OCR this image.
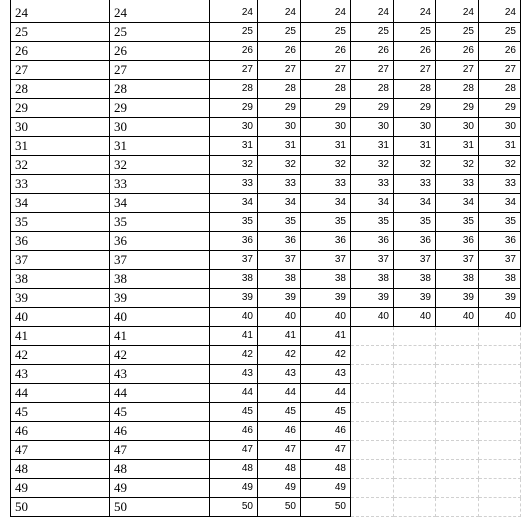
24	24	24	24	24	24	24	24	24
25	25	25	25	25	25	25	25	25
26	26	26	26	26	26	26	26	26
27	27	27	27	27	27	27	27	27
28	28	28	28	28	28	28	28	28
29	29	29	29	29	29	29	29	29
30	30	30	30	30	30	30	30	30
31	31	31	31	31	31	31	31	31
32	32	32	32	32	32	32	32	32
33	33	33	33	33	33	33	33	33
34	34	34	34	34	34	34	34	34
35	35	35	35	35	35	35	35	35
36	36	36	36	36	36	36	36	36
37	37	37	37	37	37	37	37	37
38	38	38	38	38	38	38	38	38
39	39	39	39	39	39	39	39	39
40	40	40	40	40	40	40	40	40
41	41	41	41	41
42	42	42	42	42
43	43	43	43	43
44	44	44	44	44
45	45	45	45	45
46	46	46	46	46
47	47	47	47	47
48	48	48	48	48
49	49	49	49	49
50	50	50	50	50
